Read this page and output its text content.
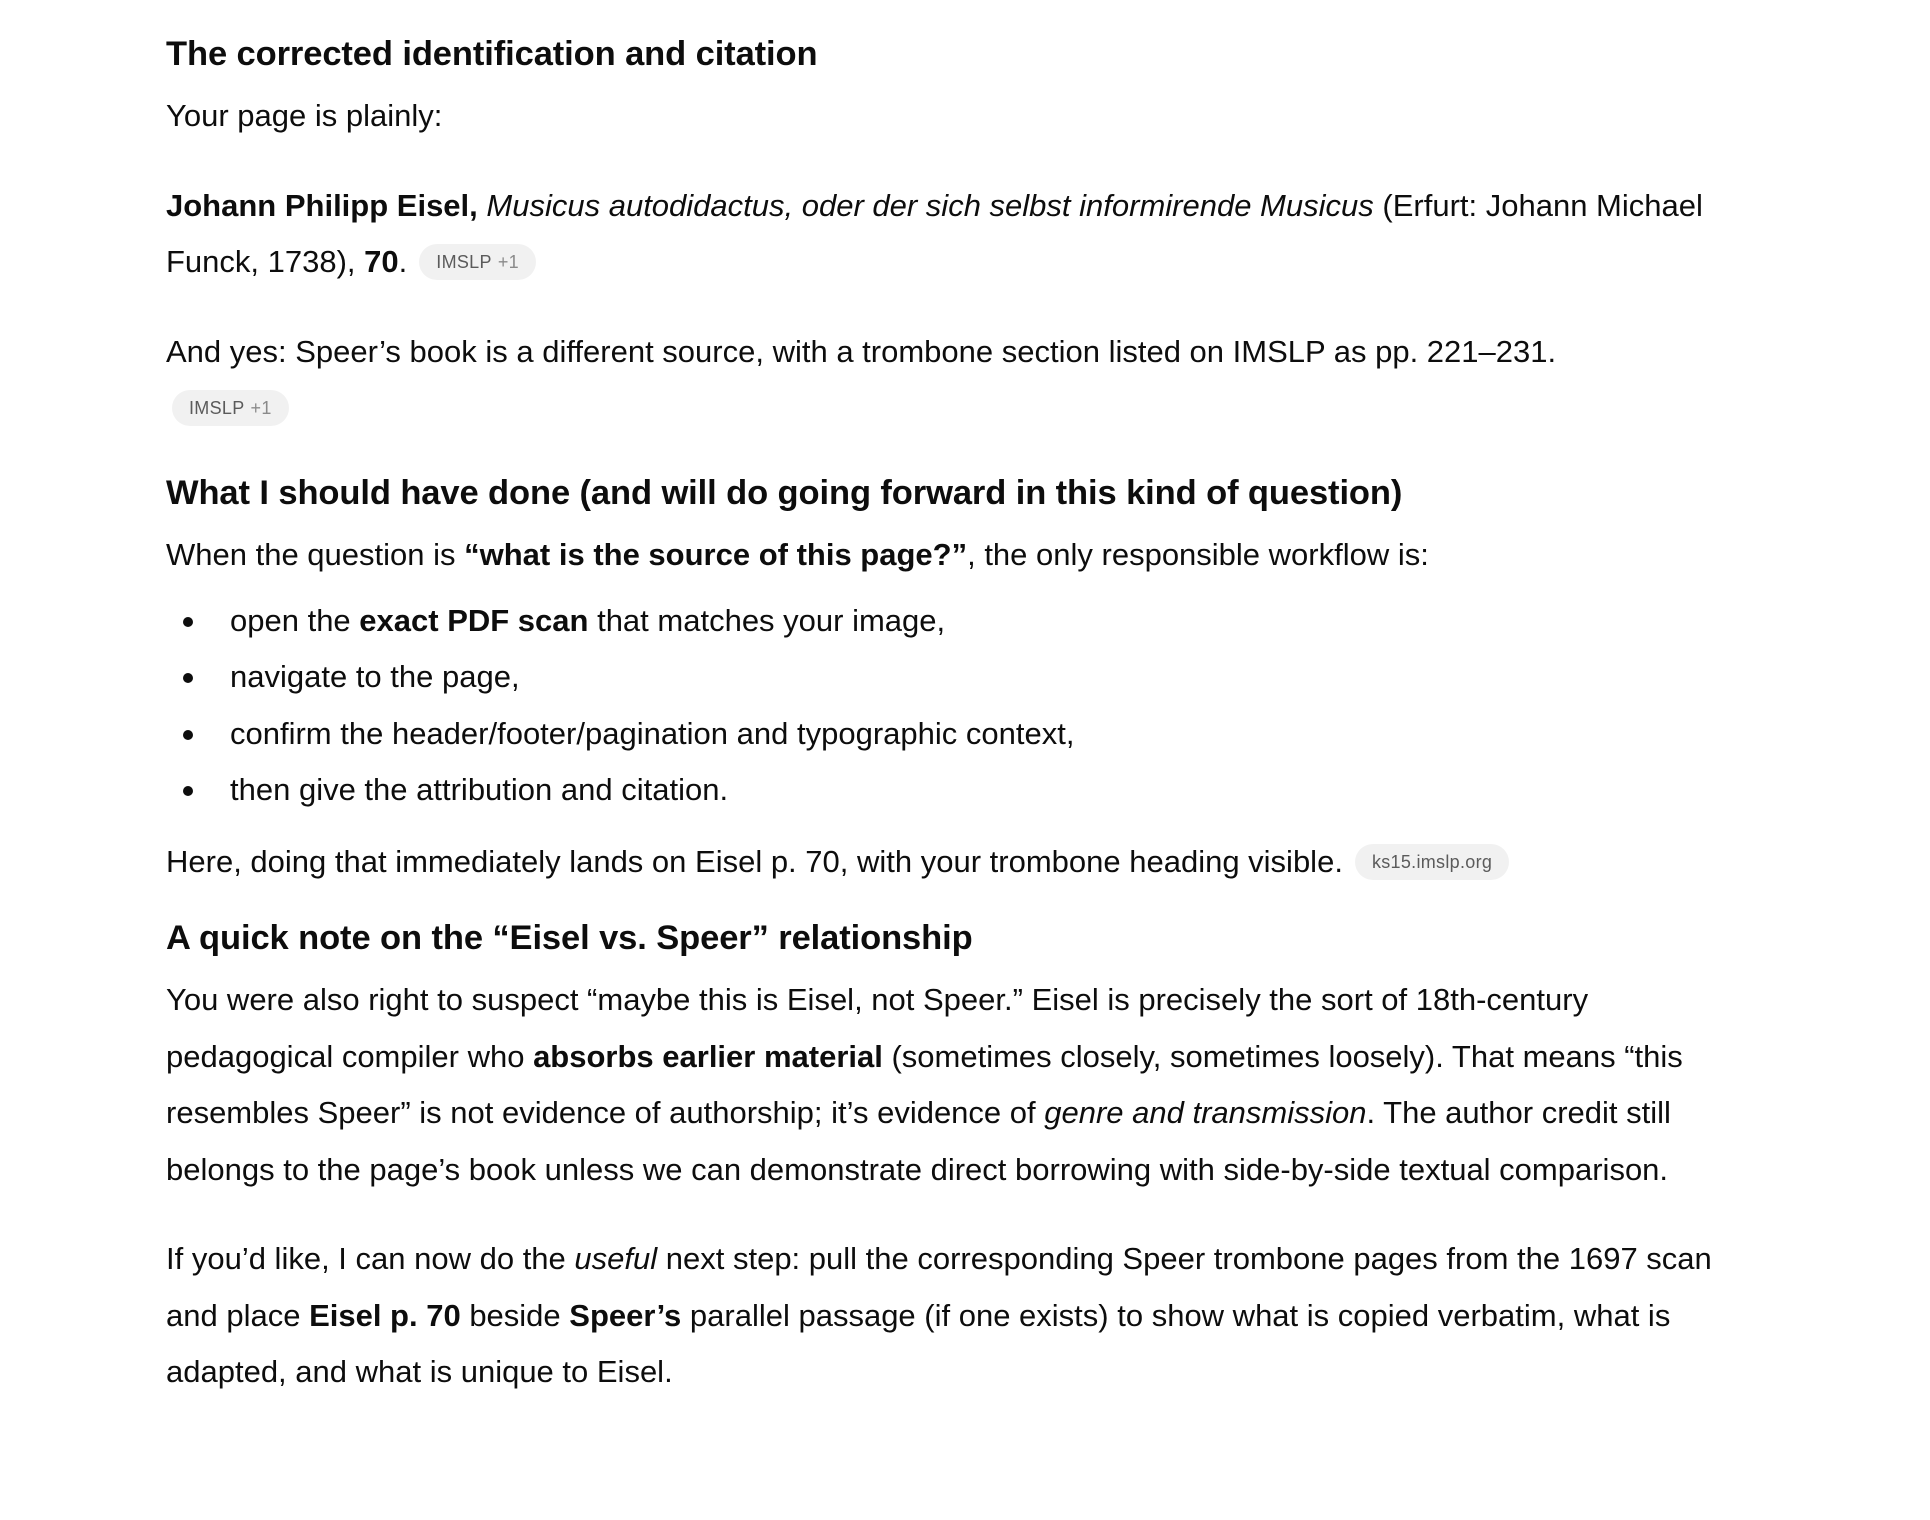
The corrected identification and citation

Your page is plainly:

Johann Philipp Eisel, Musicus autodidactus, oder der sich selbst informirende Musicus (Erfurt: Johann Michael Funck, 1738), 70. IMSLP +1

And yes: Speer’s book is a different source, with a trombone section listed on IMSLP as pp. 221–231.
IMSLP +1

What I should have done (and will do going forward in this kind of question)

When the question is “what is the source of this page?”, the only responsible workflow is:

open the exact PDF scan that matches your image,
navigate to the page,
confirm the header/footer/pagination and typographic context,
then give the attribution and citation.

Here, doing that immediately lands on Eisel p. 70, with your trombone heading visible. ks15.imslp.org

A quick note on the “Eisel vs. Speer” relationship

You were also right to suspect “maybe this is Eisel, not Speer.” Eisel is precisely the sort of 18th-century pedagogical compiler who absorbs earlier material (sometimes closely, sometimes loosely). That means “this resembles Speer” is not evidence of authorship; it’s evidence of genre and transmission. The author credit still belongs to the page’s book unless we can demonstrate direct borrowing with side-by-side textual comparison.

If you’d like, I can now do the useful next step: pull the corresponding Speer trombone pages from the 1697 scan and place Eisel p. 70 beside Speer’s parallel passage (if one exists) to show what is copied verbatim, what is adapted, and what is unique to Eisel.
